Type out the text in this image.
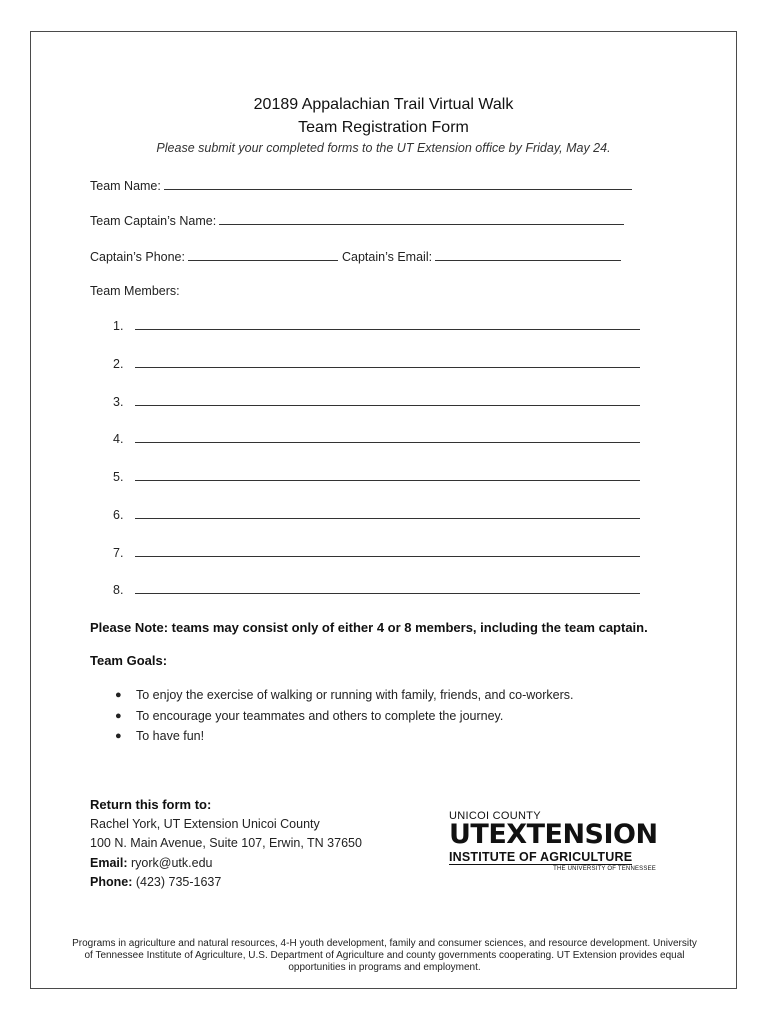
20189 Appalachian Trail Virtual Walk
Team Registration Form
Please submit your completed forms to the UT Extension office by Friday, May 24.
Team Name:
Team Captain’s Name:
Captain’s Phone:	Captain’s Email:
Team Members:
1.
2.
3.
4.
5.
6.
7.
8.
Please Note: teams may consist only of either 4 or 8 members, including the team captain.
Team Goals:
●	To enjoy the exercise of walking or running with family, friends, and co-workers.
●	To encourage your teammates and others to complete the journey.
●	To have fun!
Return this form to:
Rachel York, UT Extension Unicoi County
100 N. Main Avenue, Suite 107, Erwin, TN 37650
Email: ryork@utk.edu
Phone: (423) 735-1637
UNICOI COUNTY
UTEXTENSION
INSTITUTE OF AGRICULTURE
THE UNIVERSITY OF TENNESSEE
Programs in agriculture and natural resources, 4-H youth development, family and consumer sciences, and resource development. University of Tennessee Institute of Agriculture, U.S. Department of Agriculture and county governments cooperating. UT Extension provides equal opportunities in programs and employment.
